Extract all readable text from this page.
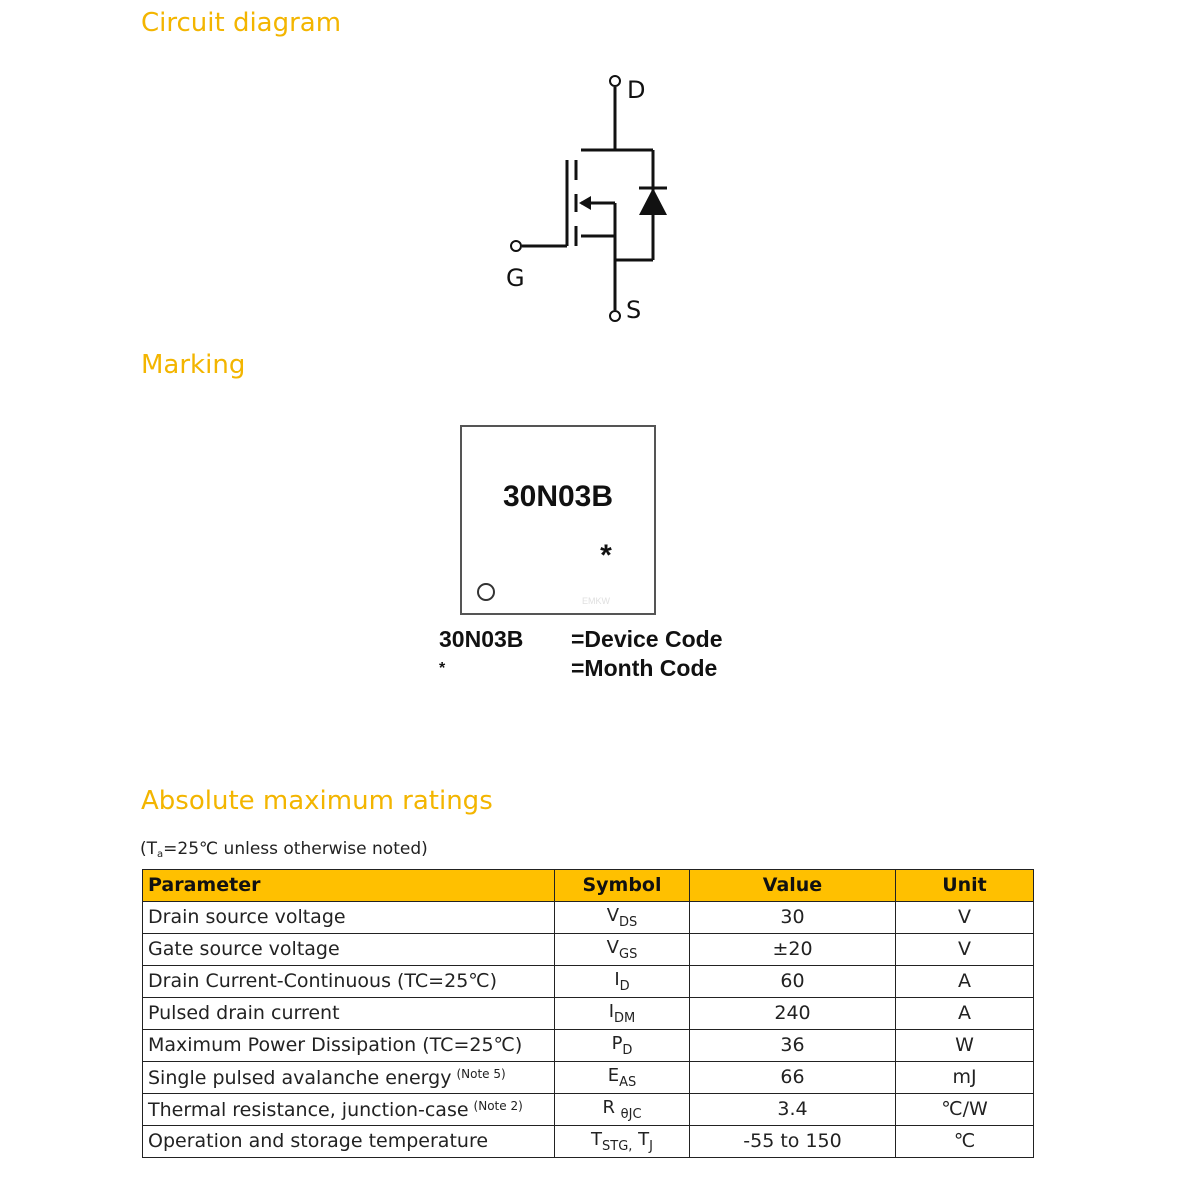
Circuit diagram
D
G
S
Marking
30N03B
*
EMKW
30N03B =Device Code
*	=Month Code
Absolute maximum ratings
($T_a=25℃$ unless otherwise noted)
Parameter	Symbol	Value	Unit
Drain source voltage	$V_{DS}$	30	V
Gate source voltage	$V_{GS}$	±20	V
Drain Current-Continuous (TC=25℃)	$I_D$	60	A
Pulsed drain current	$I_{DM}$	240	A
Maximum Power Dissipation (TC=25℃)	$P_D$	36	W
Single pulsed avalanche energy $^{(Note 5)}$	$E_{AS}$	66	mJ
Thermal resistance, junction-case $^{(Note 2)}$	R $_{\theta JC}$	3.4	℃/W
Operation and storage temperature	$T_{STG,}$ $T_J$	-55 to 150	℃
